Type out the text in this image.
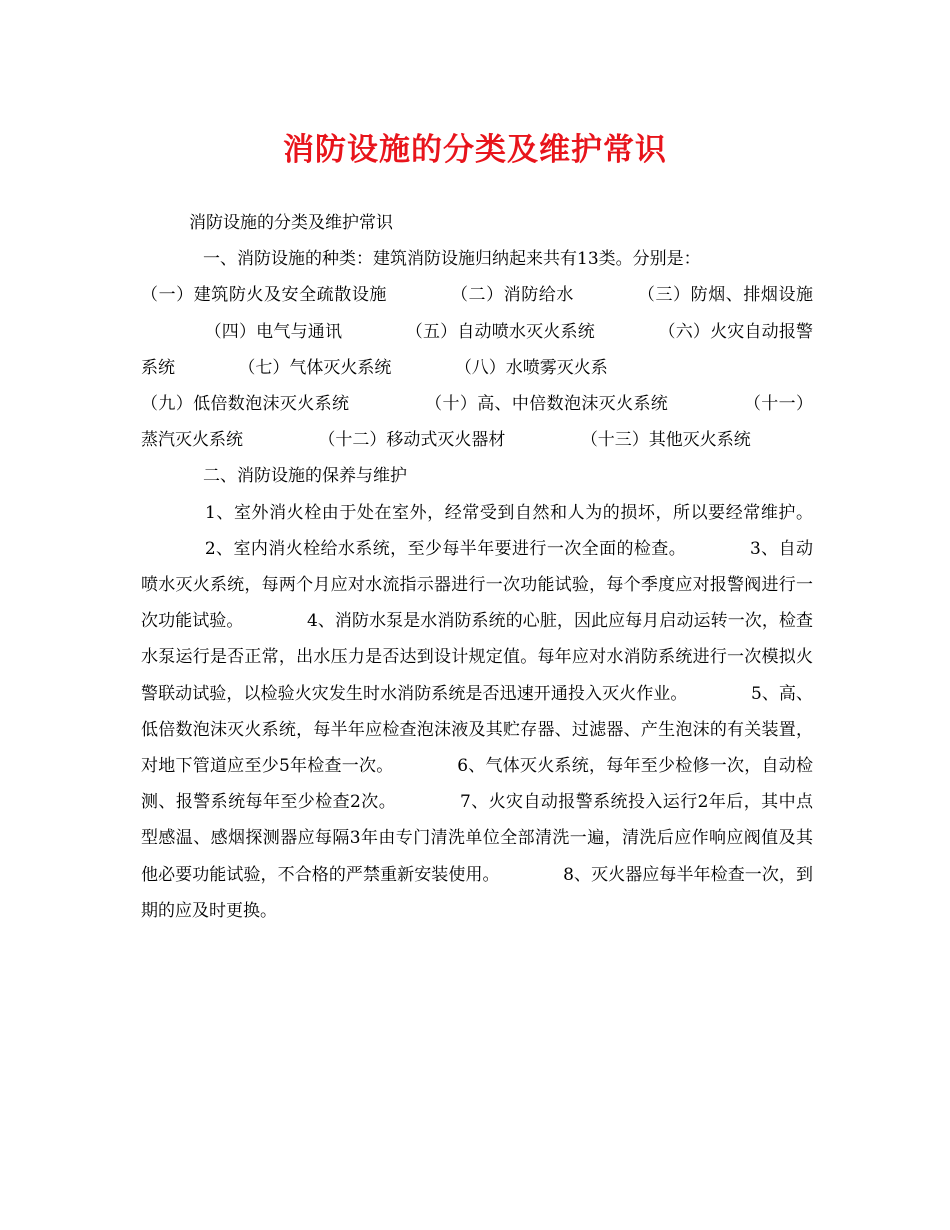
消防设施的分类及维护常识

消防设施的分类及维护常识

一、消防设施的种类：建筑消防设施归纳起来共有13类。分别是：

（一）建筑防火及安全疏散设施	（二）消防给水	（三）防烟、排烟设施 （四）电气与通讯	（五）自动喷水灭火系统	（六）火灾自动报警系统	（七）气体灭火系统	（八）水喷雾灭火系
（九）低倍数泡沫灭火系统	（十）高、中倍数泡沫灭火系统	（十一）蒸汽灭火系统	（十二）移动式灭火器材	（十三）其他灭火系统

二、消防设施的保养与维护

1、室外消火栓由于处在室外，经常受到自然和人为的损坏，所以要经常维护。 2、室内消火栓给水系统，至少每半年要进行一次全面的检查。	3、自动喷水灭火系统，每两个月应对水流指示器进行一次功能试验，每个季度应对报警阀进行一次功能试验。	4、消防水泵是水消防系统的心脏，因此应每月启动运转一次，检查水泵运行是否正常，出水压力是否达到设计规定值。每年应对水消防系统进行一次模拟火警联动试验，以检验火灾发生时水消防系统是否迅速开通投入灭火作业。	5、高、低倍数泡沫灭火系统，每半年应检查泡沫液及其贮存器、过滤器、产生泡沫的有关装置，对地下管道应至少5年检查一次。	6、气体灭火系统，每年至少检修一次，自动检测、报警系统每年至少检查2次。	7、火灾自动报警系统投入运行2年后，其中点型感温、感烟探测器应每隔3年由专门清洗单位全部清洗一遍，清洗后应作响应阀值及其他必要功能试验，不合格的严禁重新安装使用。	8、灭火器应每半年检查一次，到期的应及时更换。
